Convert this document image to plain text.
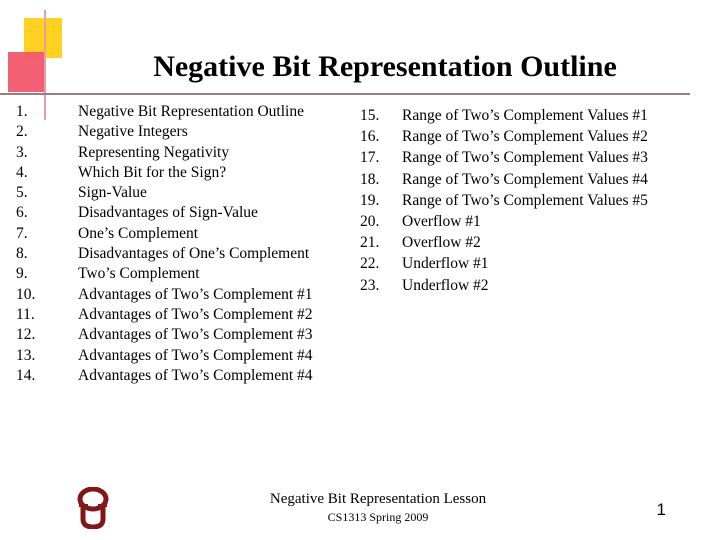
Negative Bit Representation Outline
1.	Negative Bit Representation Outline
2.	Negative Integers
3.	Representing Negativity
4.	Which Bit for the Sign?
5.	Sign-Value
6.	Disadvantages of Sign-Value
7.	One’s Complement
8.	Disadvantages of One’s Complement
9.	Two’s Complement
10.	Advantages of Two’s Complement #1
11.	Advantages of Two’s Complement #2
12.	Advantages of Two’s Complement #3
13.	Advantages of Two’s Complement #4
14.	Advantages of Two’s Complement #4
15.	Range of Two’s Complement Values #1
16.	Range of Two’s Complement Values #2
17.	Range of Two’s Complement Values #3
18.	Range of Two’s Complement Values #4
19.	Range of Two’s Complement Values #5
20.	Overflow #1
21.	Overflow #2
22.	Underflow #1
23.	Underflow #2
Negative Bit Representation Lesson
CS1313 Spring 2009	1
